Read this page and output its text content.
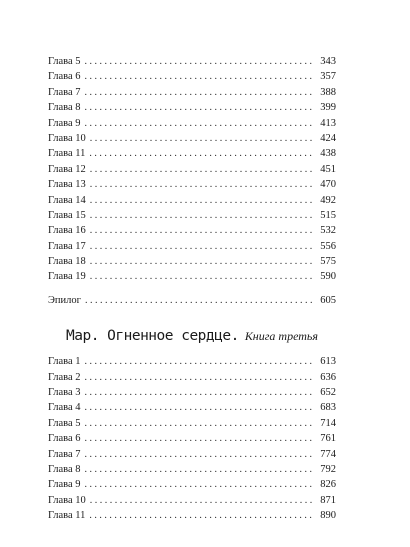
Глава 5 . . .	343
Глава 6 . . .	357
Глава 7 . . .	388
Глава 8 . . .	399
Глава 9 . . .	413
Глава 10 . . .	424
Глава 11 . . .	438
Глава 12 . . .	451
Глава 13 . . .	470
Глава 14 . . .	492
Глава 15 . . .	515
Глава 16 . . .	532
Глава 17 . . .	556
Глава 18 . . .	575
Глава 19 . . .	590
Эпилог . . .	605
Мар. Огненное сердце. Книга третья
Глава 1 . . .	613
Глава 2 . . .	636
Глава 3 . . .	652
Глава 4 . . .	683
Глава 5 . . .	714
Глава 6 . . .	761
Глава 7 . . .	774
Глава 8 . . .	792
Глава 9 . . .	826
Глава 10 . . .	871
Глава 11 . . .	890
